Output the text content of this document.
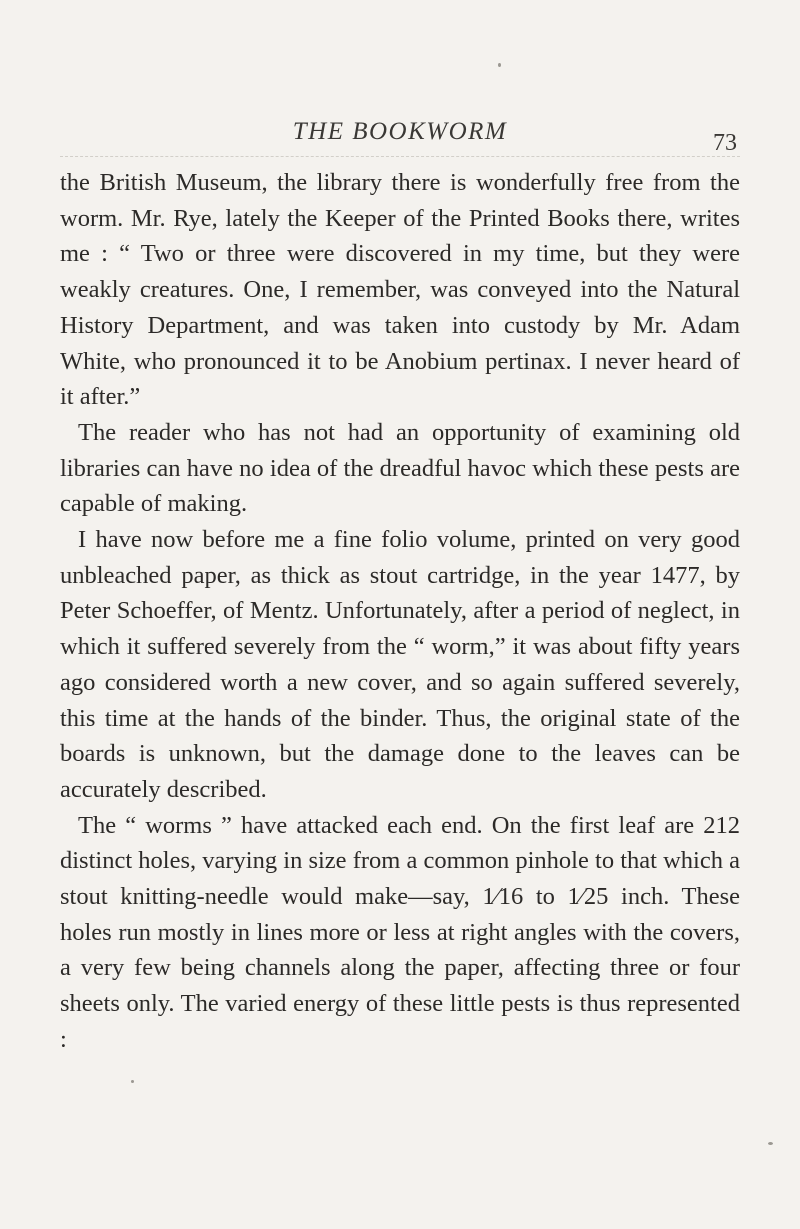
THE BOOKWORM	73

the British Museum, the library there is wonderfully free from the worm. Mr. Rye, lately the Keeper of the Printed Books there, writes me : “ Two or three were discovered in my time, but they were weakly creatures. One, I remember, was conveyed into the Natural History Department, and was taken into custody by Mr. Adam White, who pronounced it to be Anobium pertinax. I never heard of it after.”

The reader who has not had an opportunity of examining old libraries can have no idea of the dreadful havoc which these pests are capable of making.

I have now before me a fine folio volume, printed on very good unbleached paper, as thick as stout cartridge, in the year 1477, by Peter Schoeffer, of Mentz. Unfortunately, after a period of neglect, in which it suffered severely from the “ worm,” it was about fifty years ago considered worth a new cover, and so again suffered severely, this time at the hands of the binder. Thus, the original state of the boards is unknown, but the damage done to the leaves can be accurately described.

The “ worms ” have attacked each end. On the first leaf are 212 distinct holes, varying in size from a common pinhole to that which a stout knitting-needle would make—say, 1⁄16 to 1⁄25 inch. These holes run mostly in lines more or less at right angles with the covers, a very few being channels along the paper, affecting three or four sheets only. The varied energy of these little pests is thus represented :
